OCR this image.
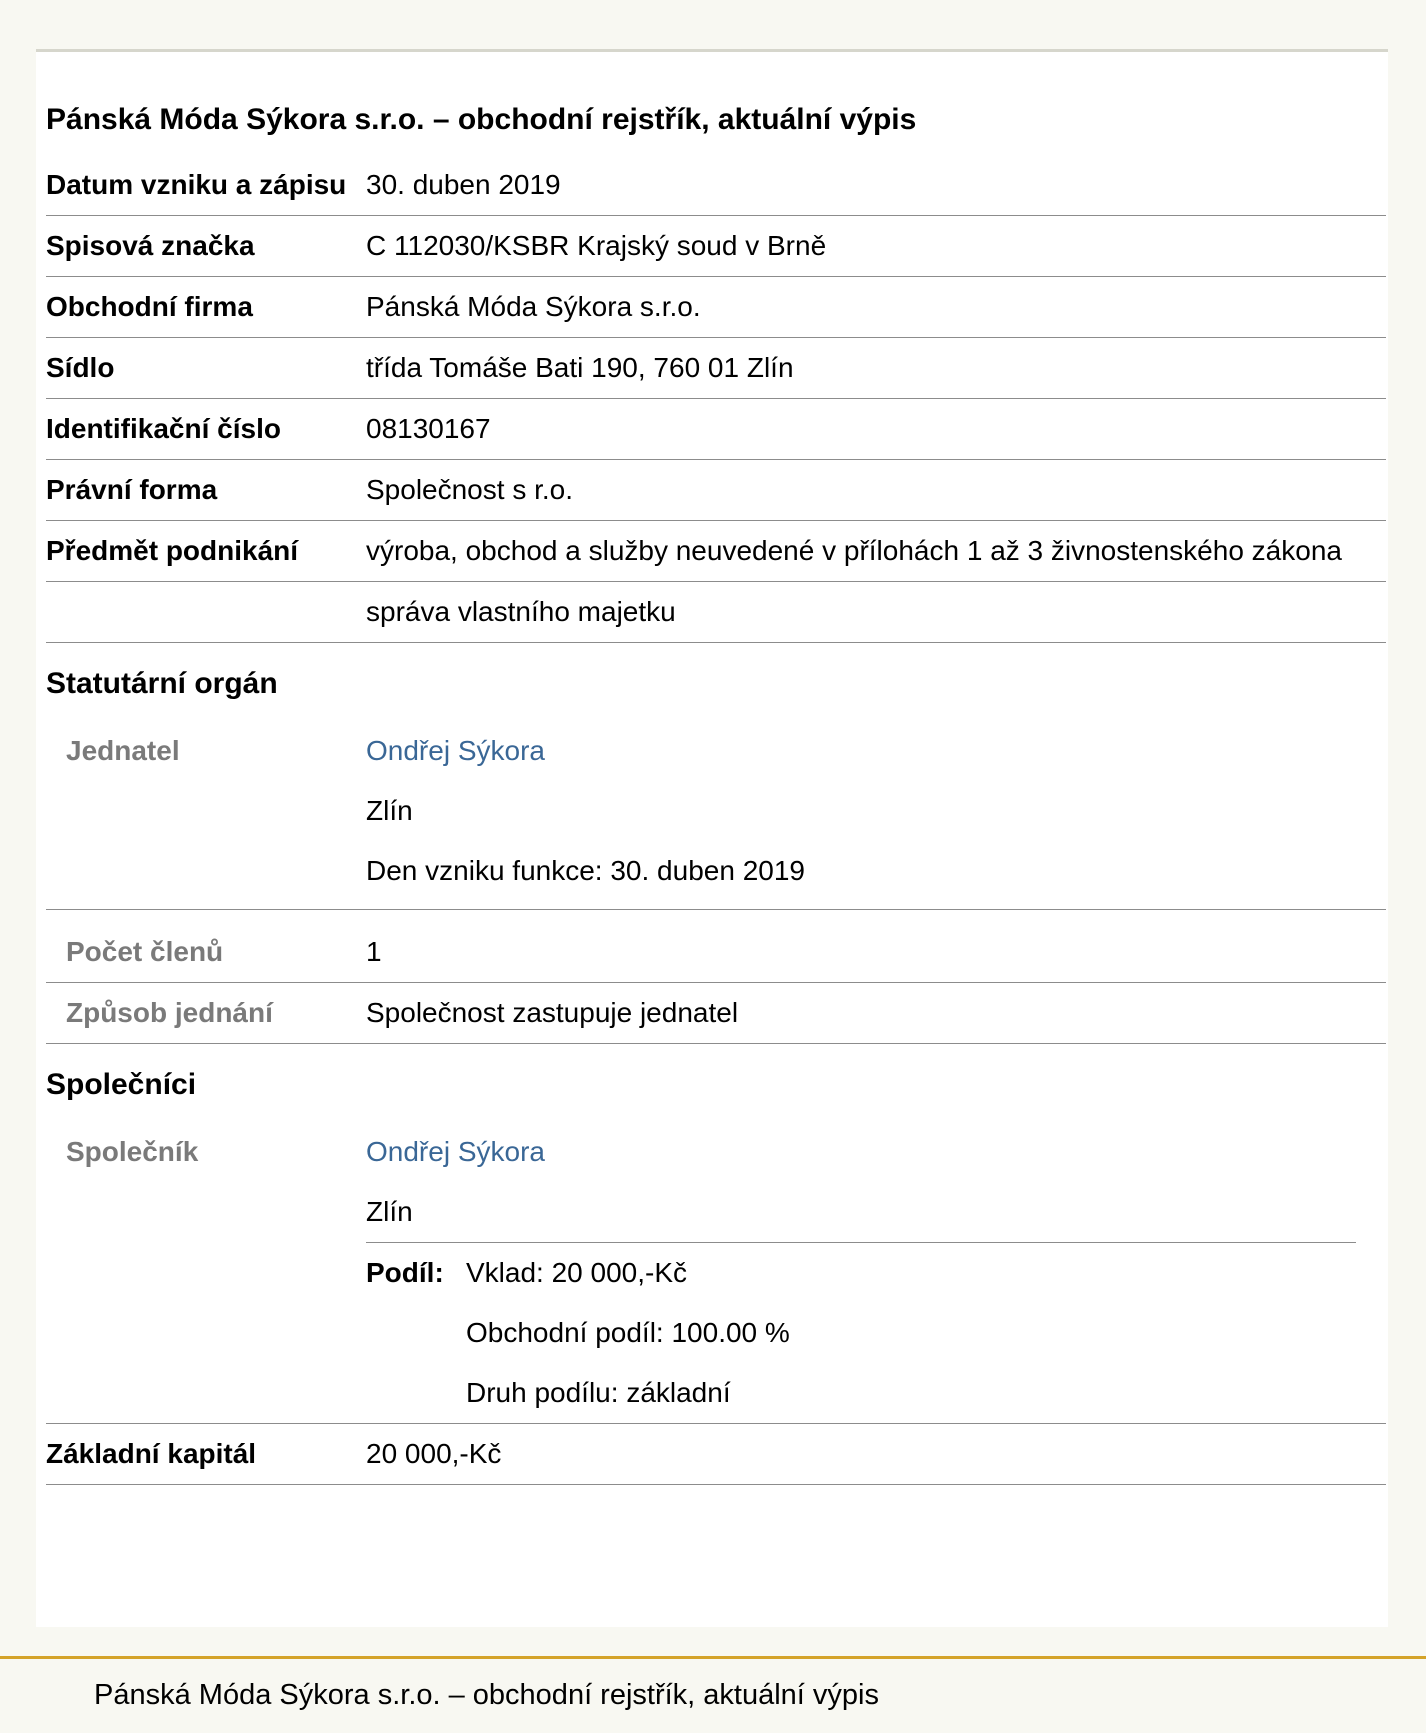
Pánská Móda Sýkora s.r.o. – obchodní rejstřík, aktuální výpis
Datum vzniku a zápisu 30. duben 2019
Spisová značka	C 112030/KSBR Krajský soud v Brně
Obchodní firma	Pánská Móda Sýkora s.r.o.
Sídlo	třída Tomáše Bati 190, 760 01 Zlín
Identifikační číslo	08130167
Právní forma	Společnost s r.o.
Předmět podnikání	výroba, obchod a služby neuvedené v přílohách 1 až 3 živnostenského zákona
správa vlastního majetku
Statutární orgán
Jednatel	Ondřej Sýkora
Zlín
Den vzniku funkce: 30. duben 2019
Počet členů	1
Způsob jednání	Společnost zastupuje jednatel
Společníci
Společník	Ondřej Sýkora
Zlín
Podíl: Vklad: 20 000,-Kč
Obchodní podíl: 100.00 %
Druh podílu: základní
Základní kapitál	20 000,-Kč
Pánská Móda Sýkora s.r.o. – obchodní rejstřík, aktuální výpis
